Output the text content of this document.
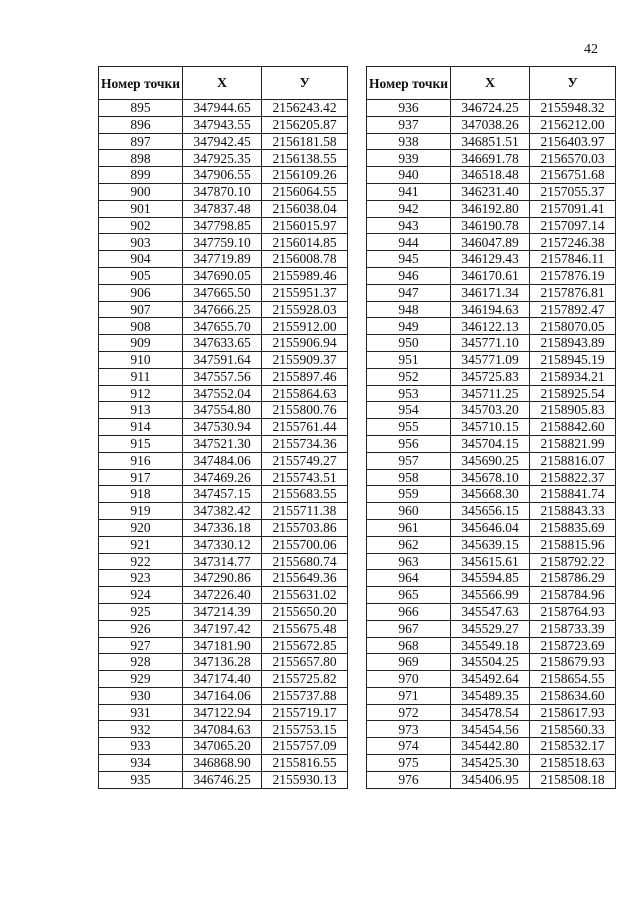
42
Номер точки	X	У
895	347944.65	2156243.42
896	347943.55	2156205.87
897	347942.45	2156181.58
898	347925.35	2156138.55
899	347906.55	2156109.26
900	347870.10	2156064.55
901	347837.48	2156038.04
902	347798.85	2156015.97
903	347759.10	2156014.85
904	347719.89	2156008.78
905	347690.05	2155989.46
906	347665.50	2155951.37
907	347666.25	2155928.03
908	347655.70	2155912.00
909	347633.65	2155906.94
910	347591.64	2155909.37
911	347557.56	2155897.46
912	347552.04	2155864.63
913	347554.80	2155800.76
914	347530.94	2155761.44
915	347521.30	2155734.36
916	347484.06	2155749.27
917	347469.26	2155743.51
918	347457.15	2155683.55
919	347382.42	2155711.38
920	347336.18	2155703.86
921	347330.12	2155700.06
922	347314.77	2155680.74
923	347290.86	2155649.36
924	347226.40	2155631.02
925	347214.39	2155650.20
926	347197.42	2155675.48
927	347181.90	2155672.85
928	347136.28	2155657.80
929	347174.40	2155725.82
930	347164.06	2155737.88
931	347122.94	2155719.17
932	347084.63	2155753.15
933	347065.20	2155757.09
934	346868.90	2155816.55
935	346746.25	2155930.13
Номер точки	X	У
936	346724.25	2155948.32
937	347038.26	2156212.00
938	346851.51	2156403.97
939	346691.78	2156570.03
940	346518.48	2156751.68
941	346231.40	2157055.37
942	346192.80	2157091.41
943	346190.78	2157097.14
944	346047.89	2157246.38
945	346129.43	2157846.11
946	346170.61	2157876.19
947	346171.34	2157876.81
948	346194.63	2157892.47
949	346122.13	2158070.05
950	345771.10	2158943.89
951	345771.09	2158945.19
952	345725.83	2158934.21
953	345711.25	2158925.54
954	345703.20	2158905.83
955	345710.15	2158842.60
956	345704.15	2158821.99
957	345690.25	2158816.07
958	345678.10	2158822.37
959	345668.30	2158841.74
960	345656.15	2158843.33
961	345646.04	2158835.69
962	345639.15	2158815.96
963	345615.61	2158792.22
964	345594.85	2158786.29
965	345566.99	2158784.96
966	345547.63	2158764.93
967	345529.27	2158733.39
968	345549.18	2158723.69
969	345504.25	2158679.93
970	345492.64	2158654.55
971	345489.35	2158634.60
972	345478.54	2158617.93
973	345454.56	2158560.33
974	345442.80	2158532.17
975	345425.30	2158518.63
976	345406.95	2158508.18
